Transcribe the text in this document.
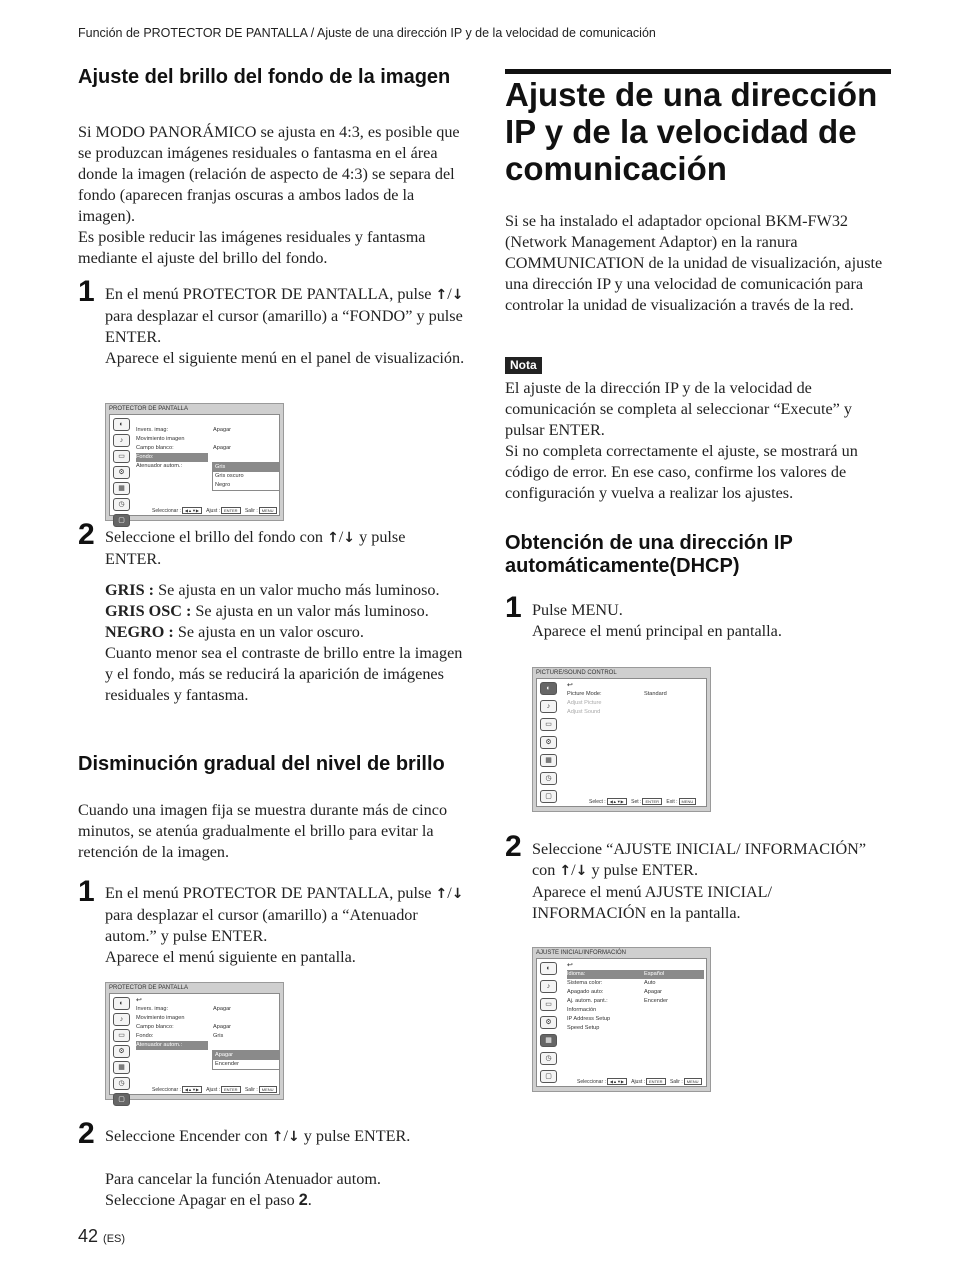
Función de PROTECTOR DE PANTALLA / Ajuste de una dirección IP y de la velocidad de comunicación
Ajuste del brillo del fondo de la imagen

Si MODO PANORÁMICO se ajusta en 4:3, es posible que se produzcan imágenes residuales o fantasma en el área donde la imagen (relación de aspecto de 4:3) se separa del fondo (aparecen franjas oscuras a ambos lados de la imagen).

Es posible reducir las imágenes residuales y fantasma mediante el ajuste del brillo del fondo.

1 En el menú PROTECTOR DE PANTALLA, pulse ↑/↓ para desplazar el cursor (amarillo) a “FONDO” y pulse ENTER.

Aparece el siguiente menú en el panel de visualización.

PROTECTOR DE PANTALLA
◐
♪
▭
⚙
▦
◷
▢
Invers. imag:	Apagar
Movimiento imagen
Campo blanco:	Apagar
Fondo:
Atenuador autom.:	Gris
Gris oscuro
Negro
Seleccionar : ◀▲▼▶ Ajust : ENTER Salir : MENU
2 Seleccione el brillo del fondo con ↑/↓ y pulse ENTER.

GRIS : Se ajusta en un valor mucho más luminoso.

GRIS OSC : Se ajusta en un valor más luminoso.

NEGRO : Se ajusta en un valor oscuro.

Cuanto menor sea el contraste de brillo entre la imagen y el fondo, más se reducirá la aparición de imágenes residuales y fantasma.

Disminución gradual del nivel de brillo
Cuando una imagen fija se muestra durante más de cinco minutos, se atenúa gradualmente el brillo para evitar la retención de la imagen.
1 En el menú PROTECTOR DE PANTALLA, pulse ↑/↓ para desplazar el cursor (amarillo) a “Atenuador autom.” y pulse ENTER.

Aparece el menú siguiente en pantalla.

PROTECTOR DE PANTALLA
◐
♪
▭
⚙
▦
◷
▢
↩
Invers. imag:	Apagar
Movimiento imagen
Campo blanco:	Apagar
Fondo:	Gris
Atenuador autom.:
Apagar
Encender
Seleccionar : ◀▲▼▶ Ajust : ENTER Salir : MENU
2 Seleccione Encender con ↑/↓ y pulse ENTER.

Para cancelar la función Atenuador autom. Seleccione Apagar en el paso 2.

42 (ES)
Ajuste de una dirección IP y de la velocidad de comunicación
Si se ha instalado el adaptador opcional BKM-FW32 (Network Management Adaptor) en la ranura COMMUNICATION de la unidad de visualización, ajuste una dirección IP y una velocidad de comunicación para controlar la unidad de visualización a través de la red.
Nota

El ajuste de la dirección IP y de la velocidad de comunicación se completa al seleccionar “Execute” y pulsar ENTER.

Si no completa correctamente el ajuste, se mostrará un código de error. En ese caso, confirme los valores de configuración y vuelva a realizar los ajustes.

Obtención de una dirección IP automáticamente(DHCP)
1 Pulse MENU.

Aparece el menú principal en pantalla.

PICTURE/SOUND CONTROL
◐
♪
▭
⚙
▦
◷
▢
↩
Picture Mode:	Standard
Adjust Picture
Adjust Sound
Select : ◀▲▼▶ Set : ENTER Exit : MENU
2 Seleccione “AJUSTE INICIAL/ INFORMACIÓN” con ↑/↓ y pulse ENTER.

Aparece el menú AJUSTE INICIAL/ INFORMACIÓN en la pantalla.

AJUSTE INICIAL/INFORMACIÓN
◐
♪
▭
⚙
▦
◷
▢
↩
Idioma:	Español
Sistema color:	Auto
Apagado auto:	Apagar
Aj. autom. pant.:	Encender
Información
IP Address Setup
Speed Setup
Seleccionar : ◀▲▼▶ Ajust : ENTER Salir : MENU
